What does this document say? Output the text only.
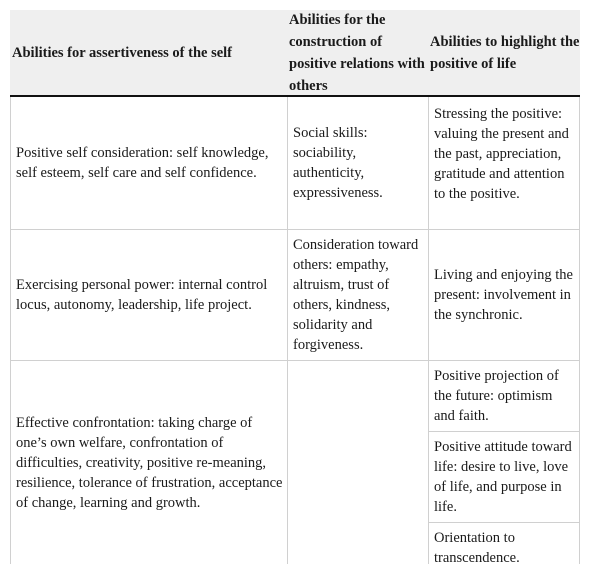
Abilities for assertiveness of the self
Abilities for the construction of positive relations with others
Abilities to highlight the positive of life
Positive self consideration: self knowledge, self esteem, self care and self confidence.
Exercising personal power: internal control locus, autonomy, leadership, life project.
Effective confrontation: taking charge of one’s own welfare, confrontation of difficulties, creativity, positive re-meaning, resilience, tolerance of frustration, acceptance of change, learning and growth.
Social skills: sociability, authenticity, expressiveness.
Consideration toward others: empathy, altruism, trust of others, kindness, solidarity and forgiveness.
Stressing the positive: valuing the present and the past, appreciation, gratitude and attention to the positive.
Living and enjoying the present: involvement in the synchronic.
Positive projection of the future: optimism and faith.
Positive attitude toward life: desire to live, love of life, and purpose in life.
Orientation to transcendence.
